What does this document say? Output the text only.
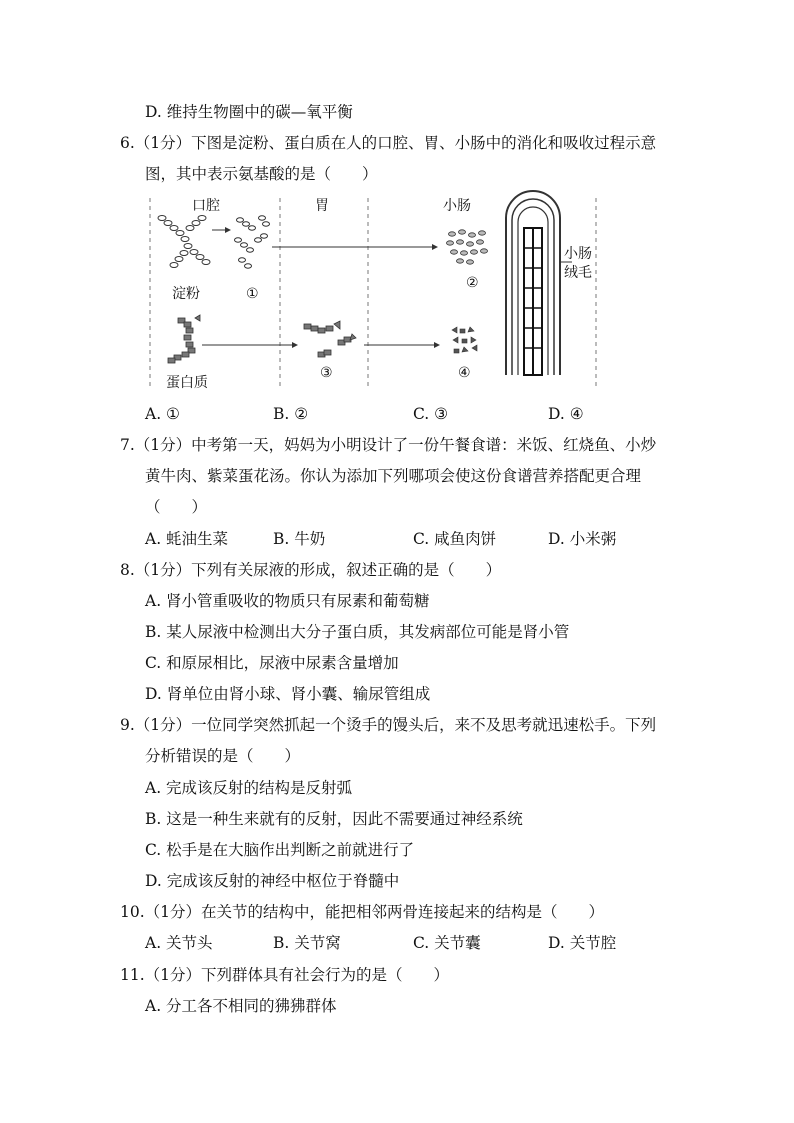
D. 维持生物圈中的碳—氧平衡
6.（1分）下图是淀粉、蛋白质在人的口腔、胃、小肠中的消化和吸收过程示意
图，其中表示氨基酸的是（　　）
口腔	胃	小肠
淀粉	①
②
蛋白质
③	④
小肠
绒毛
A. ①	B. ②	C. ③	D. ④
7.（1分）中考第一天，妈妈为小明设计了一份午餐食谱：米饭、红烧鱼、小炒
黄牛肉、紫菜蛋花汤。你认为添加下列哪项会使这份食谱营养搭配更合理
（　　）
A. 蚝油生菜	B. 牛奶	C. 咸鱼肉饼	D. 小米粥
8.（1分）下列有关尿液的形成，叙述正确的是（　　）
A. 肾小管重吸收的物质只有尿素和葡萄糖
B. 某人尿液中检测出大分子蛋白质，其发病部位可能是肾小管
C. 和原尿相比，尿液中尿素含量增加
D. 肾单位由肾小球、肾小囊、输尿管组成
9.（1分）一位同学突然抓起一个烫手的馒头后，来不及思考就迅速松手。下列
分析错误的是（　　）
A. 完成该反射的结构是反射弧
B. 这是一种生来就有的反射，因此不需要通过神经系统
C. 松手是在大脑作出判断之前就进行了
D. 完成该反射的神经中枢位于脊髓中
10.（1分）在关节的结构中，能把相邻两骨连接起来的结构是（　　）
A. 关节头	B. 关节窝	C. 关节囊	D. 关节腔
11.（1分）下列群体具有社会行为的是（　　）
A. 分工各不相同的狒狒群体
